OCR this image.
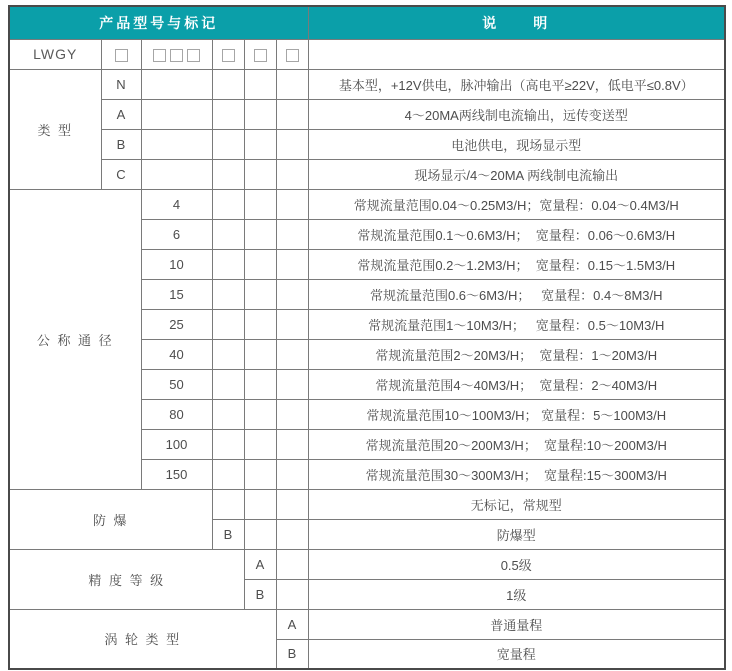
产品型号与标记						说　　明
LWGY						
类 型	N					基本型，+12V供电，脉冲输出（高电平≥22V，低电平≤0.8V）
	A					4～20MA两线制电流输出，远传变送型
	B					电池供电，现场显示型
	C					现场显示/4～20MA 两线制电流输出
公 称 通 径		4				常规流量范围0.04～0.25M3/H；宽量程：0.04～0.4M3/H
		6				常规流量范围0.1～0.6M3/H；  宽量程：0.06～0.6M3/H
		10				常规流量范围0.2～1.2M3/H；  宽量程：0.15～1.5M3/H
		15				常规流量范围0.6～6M3/H；   宽量程：0.4～8M3/H
		25				常规流量范围1～10M3/H；   宽量程：0.5～10M3/H
		40				常规流量范围2～20M3/H；  宽量程：1～20M3/H
		50				常规流量范围4～40M3/H；  宽量程：2～40M3/H
		80				常规流量范围10～100M3/H； 宽量程：5～100M3/H
		100				常规流量范围20～200M3/H；  宽量程:10～200M3/H
		150				常规流量范围30～300M3/H；  宽量程:15～300M3/H
防 爆						无标记，常规型
			B			防爆型
精 度 等 级				A		0.5级
				B		1级
涡 轮 类 型					A	普通量程
					B	宽量程
